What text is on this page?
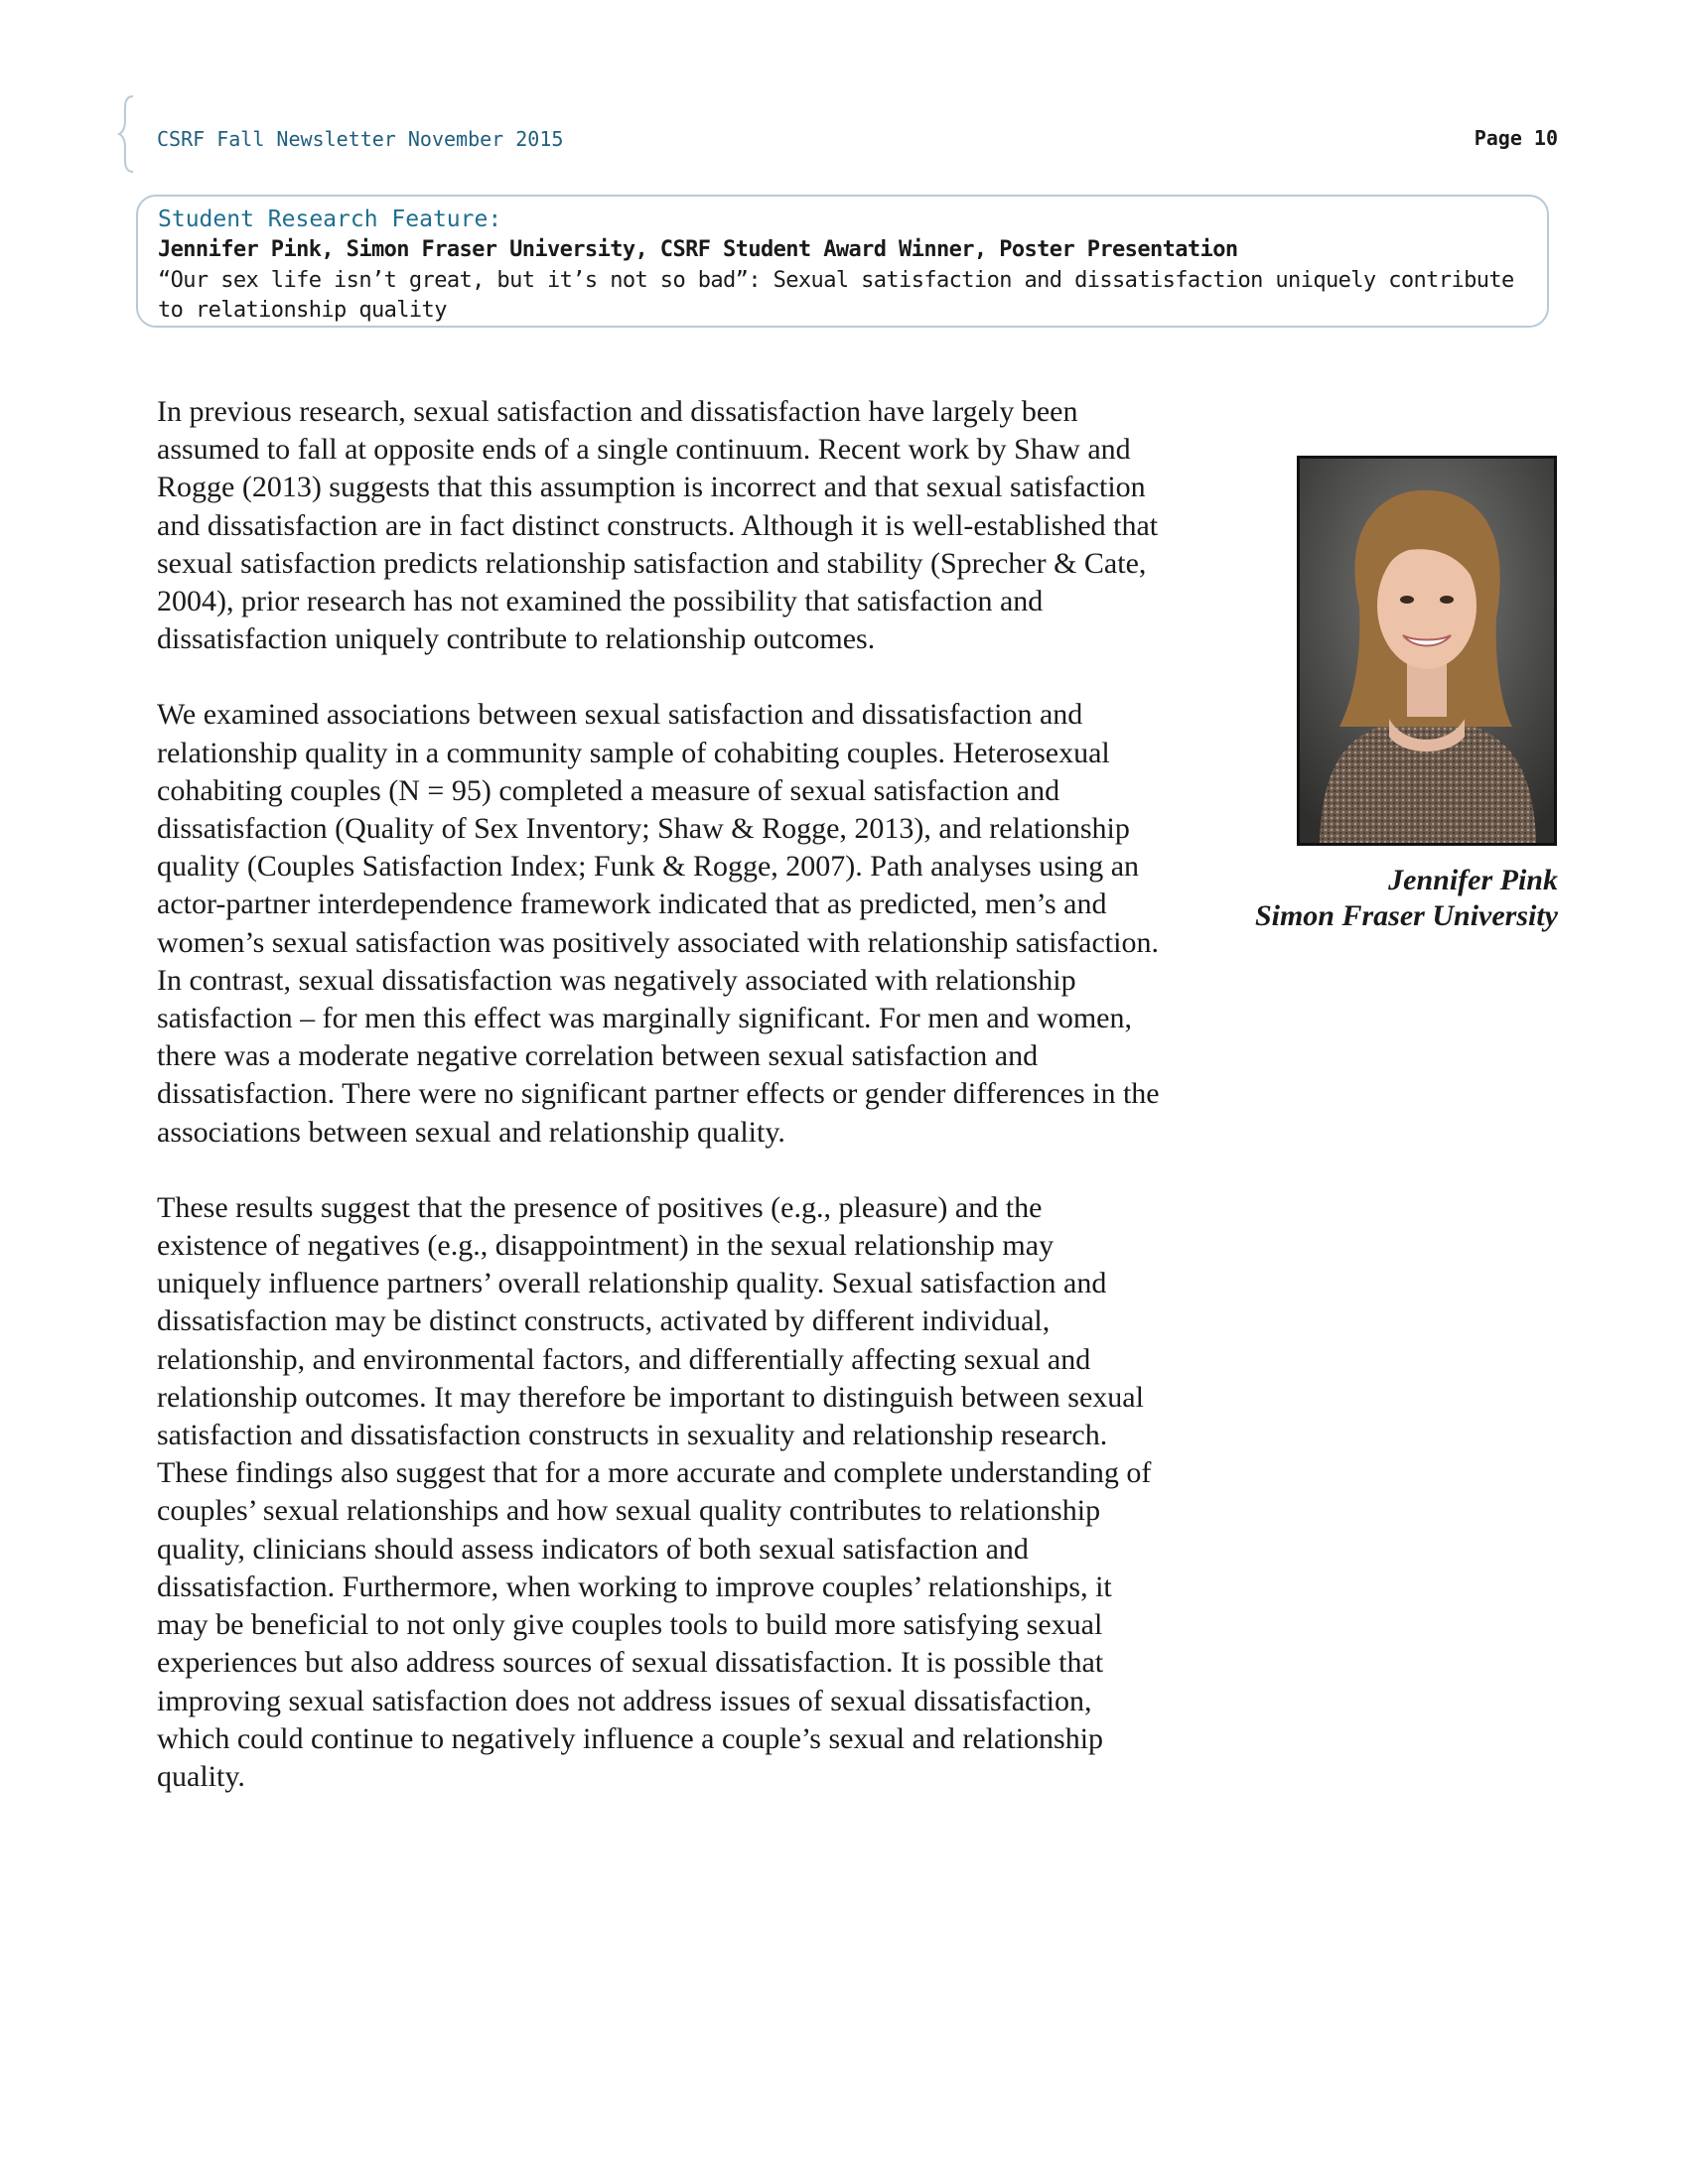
CSRF Fall Newsletter November 2015	Page 10
Student Research Feature:
Jennifer Pink, Simon Fraser University, CSRF Student Award Winner, Poster Presentation
“Our sex life isn’t great, but it’s not so bad”: Sexual satisfaction and dissatisfaction uniquely contribute to relationship quality

In previous research, sexual satisfaction and dissatisfaction have largely been assumed to fall at opposite ends of a single continuum. Recent work by Shaw and Rogge (2013) suggests that this assumption is incorrect and that sexual satisfaction and dissatisfaction are in fact distinct constructs. Although it is well-established that sexual satisfaction predicts relationship satisfaction and stability (Sprecher & Cate, 2004), prior research has not examined the possibility that satisfaction and dissatisfaction uniquely contribute to relationship outcomes.

We examined associations between sexual satisfaction and dissatisfaction and relationship quality in a community sample of cohabiting couples. Heterosexual cohabiting couples (N = 95) completed a measure of sexual satisfaction and dissatisfaction (Quality of Sex Inventory; Shaw & Rogge, 2013), and relationship quality (Couples Satisfaction Index; Funk & Rogge, 2007). Path analyses using an actor-partner interdependence framework indicated that as predicted, men’s and women’s sexual satisfaction was positively associated with relationship satisfaction. In contrast, sexual dissatisfaction was negatively associated with relationship satisfaction – for men this effect was marginally significant. For men and women, there was a moderate negative correlation between sexual satisfaction and dissatisfaction. There were no significant partner effects or gender differences in the associations between sexual and relationship quality.

These results suggest that the presence of positives (e.g., pleasure) and the existence of negatives (e.g., disappointment) in the sexual relationship may uniquely influence partners’ overall relationship quality. Sexual satisfaction and dissatisfaction may be distinct constructs, activated by different individual, relationship, and environmental factors, and differentially affecting sexual and relationship outcomes. It may therefore be important to distinguish between sexual satisfaction and dissatisfaction constructs in sexuality and relationship research. These findings also suggest that for a more accurate and complete understanding of couples’ sexual relationships and how sexual quality contributes to relationship quality, clinicians should assess indicators of both sexual satisfaction and dissatisfaction. Furthermore, when working to improve couples’ relationships, it may be beneficial to not only give couples tools to build more satisfying sexual experiences but also address sources of sexual dissatisfaction. It is possible that improving sexual satisfaction does not address issues of sexual dissatisfaction, which could continue to negatively influence a couple’s sexual and relationship quality.

Jennifer Pink
Simon Fraser University
